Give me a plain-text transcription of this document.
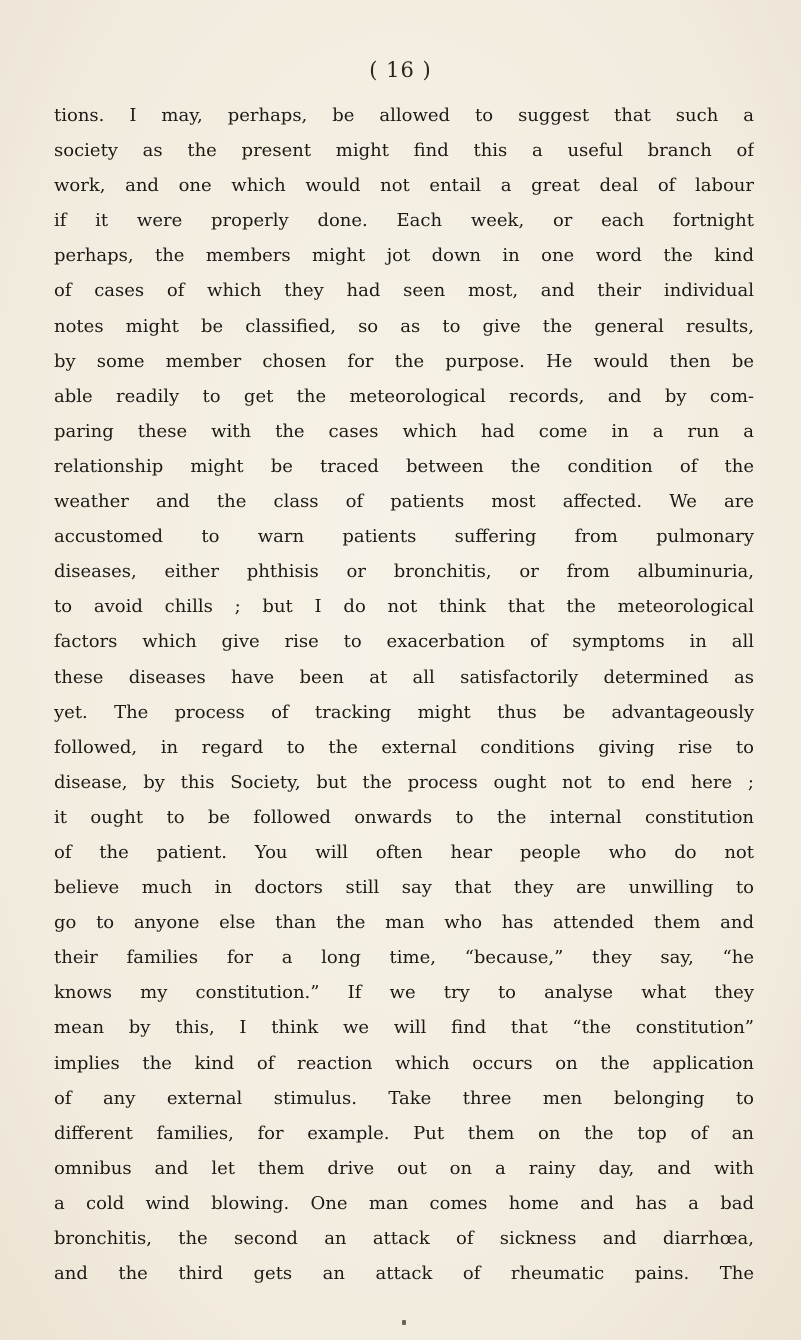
( 16 )
tions. I may, perhaps, be allowed to suggest that such a
society as the present might find this a useful branch of
work, and one which would not entail a great deal of labour
if it were properly done. Each week, or each fortnight
perhaps, the members might jot down in one word the kind
of cases of which they had seen most, and their individual
notes might be classified, so as to give the general results,
by some member chosen for the purpose. He would then be
able readily to get the meteorological records, and by com-
paring these with the cases which had come in a run a
relationship might be traced between the condition of the
weather and the class of patients most affected. We are
accustomed to warn patients suffering from pulmonary
diseases, either phthisis or bronchitis, or from albuminuria,
to avoid chills ; but I do not think that the meteorological
factors which give rise to exacerbation of symptoms in all
these diseases have been at all satisfactorily determined as
yet. The process of tracking might thus be advantageously
followed, in regard to the external conditions giving rise to
disease, by this Society, but the process ought not to end here ;
it ought to be followed onwards to the internal constitution
of the patient. You will often hear people who do not
believe much in doctors still say that they are unwilling to
go to anyone else than the man who has attended them and
their families for a long time, “because,” they say, “he
knows my constitution.” If we try to analyse what they
mean by this, I think we will find that “the constitution”
implies the kind of reaction which occurs on the application
of any external stimulus. Take three men belonging to
different families, for example. Put them on the top of an
omnibus and let them drive out on a rainy day, and with
a cold wind blowing. One man comes home and has a bad
bronchitis, the second an attack of sickness and diarrhœa,
and the third gets an attack of rheumatic pains. The
